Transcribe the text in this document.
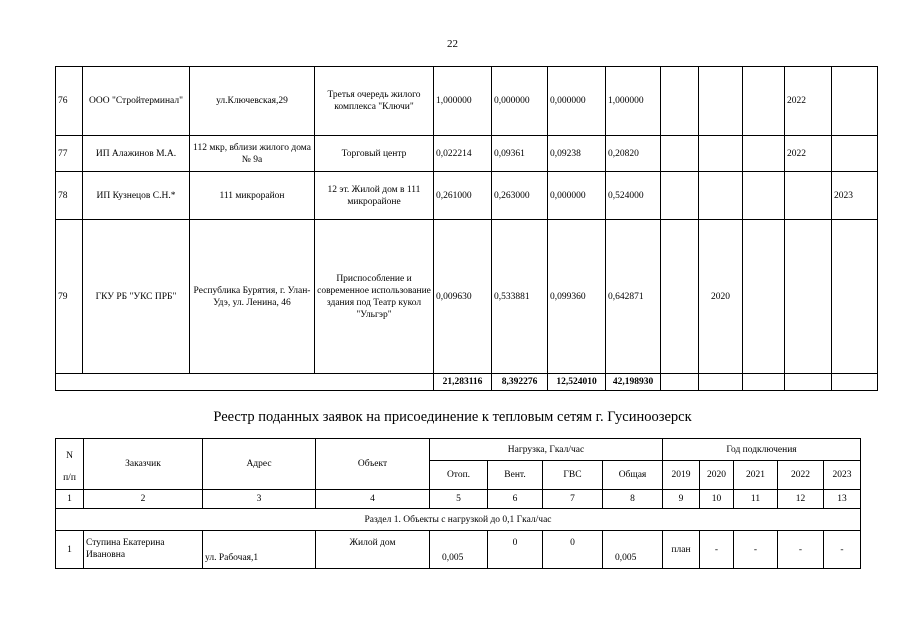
22
76	ООО "Стройтерминал"	ул.Ключевская,29	Третья очередь жилого комплекса "Ключи"	1,000000	0,000000	0,000000	1,000000				2022	
77	ИП Алажинов М.А.	112 мкр, вблизи жилого дома № 9а	Торговый центр	0,022214	0,09361	0,09238	0,20820				2022	
78	ИП Кузнецов С.Н.*	111 микрорайон	12 эт. Жилой дом в 111 микрорайоне	0,261000	0,263000	0,000000	0,524000					2023
79	ГКУ РБ "УКС ПРБ"	Республика Бурятия, г. Улан-Удэ, ул. Ленина, 46	Приспособление и современное использование здания под Театр кукол "Ульгэр"	0,009630	0,533881	0,099360	0,642871		2020			
				21,283116	8,392276	12,524010	42,198930					
Реестр поданных заявок на присоединение к тепловым сетям г. Гусиноозерск
N
п/п	Заказчик	Адрес	Объект	Нагрузка, Гкал/час				Год подключения				
				Отоп.	Вент.	ГВС	Общая	2019	2020	2021	2022	2023
1	2	3	4	5	6	7	8	9	10	11	12	13
Раздел 1. Объекты с нагрузкой до 0,1 Гкал/час												
1	Ступина Екатерина Ивановна	ул. Рабочая,1	Жилой дом	0,005	0	0	0,005	план	-	-	-	-
